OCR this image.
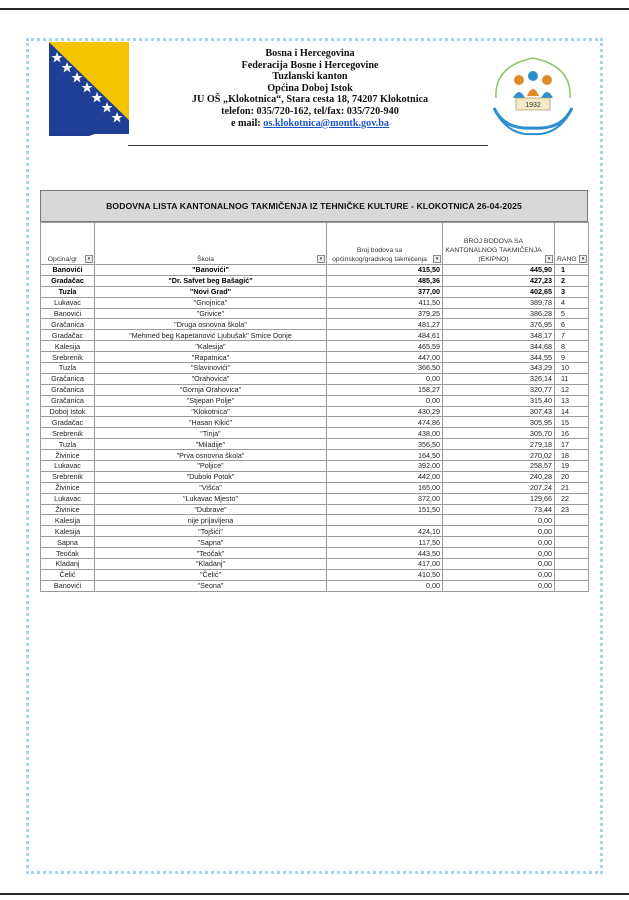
Bosna i Hercegovina
Federacija Bosne i Hercegovine
Tuzlanski kanton
Općina Doboj Istok
JU OŠ „Klokotnica“, Stara cesta 18, 74207 Klokotnica
telefon: 035/720-162, tel/fax: 035/720-940
e mail: os.klokotnica@montk.gov.ba
1932
BODOVNA LISTA KANTONALNOG TAKMIČENJA IZ TEHNIČKE KULTURE - KLOKOTNICA 26-04-2025
Općina/gr ▾	Škola ▾	Broj bodova sa općinskog/gradskog takmičenja ▾	BROJ BODOVA SA KANTONALNOG TAKMIČENJA (EKIPNO) ▾	RANG ▾

Banovići	"Banovići"	415,50	445,90	1
Gradačac	"Dr. Safvet beg Bašagić"	485,36	427,23	2
Tuzla	"Novi Grad"	377,00	402,65	3
Lukavac	"Gnojnica"	411,50	389,78	4
Banovići	"Grivice"	379,25	386,28	5
Gračanica	"Druga osnovna škola"	481,27	376,95	6
Gradačac	"Mehmed beg Kapetanović Ljubušak" Srnice Donje	484,61	348,17	7
Kalesija	"Kalesija"	465,59	344,68	8
Srebrenik	"Rapatnica"	447,00	344,55	9
Tuzla	"Slavinovići"	366,50	343,29	10
Gračanica	"Orahovica"	0,00	326,14	11
Gračanica	"Gornja Orahovica"	158,27	320,77	12
Gračanica	"Stjepan Polje"	0,00	315,40	13
Doboj Istok	"Klokotnica"	430,29	307,43	14
Gradačac	"Hasan Kikić"	474,86	305,95	15
Srebrenik	"Tinja"	438,00	305,70	16
Tuzla	"Miladije"	356,50	279,18	17
Živinice	"Prva osnovna škola"	164,50	270,02	18
Lukavac	"Poljice"	392,00	258,57	19
Srebrenik	"Duboki Potok"	442,00	240,28	20
Živinice	"Višća"	165,00	207,24	21
Lukavac	"Lukavac Mjesto"	372,00	129,66	22
Živinice	"Dubrave"	151,50	73,44	23
Kalesija	nije prijavljena		0,00	
Kalesija	"Tojšići"	424,10	0,00	
Sapna	"Sapna"	117,50	0,00	
Teočak	"Teočak"	443,50	0,00	
Kladanj	"Kladanj"	417,00	0,00	
Čelić	"Čelić"	410,50	0,00	
Banovići	"Seona"	0,00	0,00	
